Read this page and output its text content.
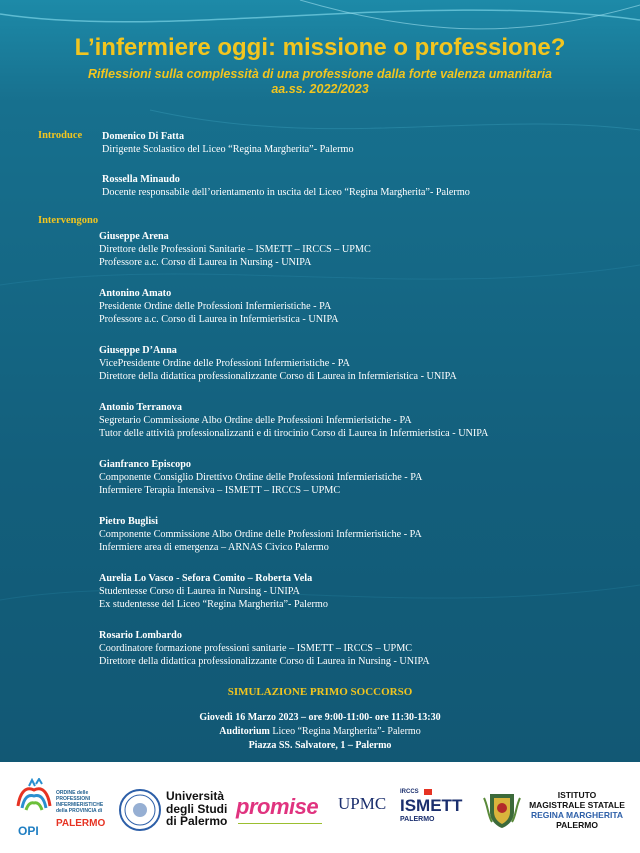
L’infermiere oggi: missione o professione?
Riflessioni sulla complessità di una professione dalla forte valenza umanitaria
aa.ss. 2022/2023
Introduce Domenico Di Fatta
Dirigente Scolastico del Liceo “Regina Margherita”- Palermo
Rossella Minaudo
Docente responsabile dell’orientamento in uscita del Liceo “Regina Margherita”- Palermo
Intervengono
Giuseppe Arena
Direttore delle Professioni Sanitarie – ISMETT – IRCCS – UPMC
Professore a.c. Corso di Laurea in Nursing - UNIPA
Antonino Amato
Presidente Ordine delle Professioni Infermieristiche - PA
Professore a.c. Corso di Laurea in Infermieristica - UNIPA
Giuseppe D’Anna
VicePresidente Ordine delle Professioni Infermieristiche - PA
Direttore della didattica professionalizzante Corso di Laurea in Infermieristica - UNIPA
Antonio Terranova
Segretario Commissione Albo Ordine delle Professioni Infermieristiche - PA
Tutor delle attività professionalizzanti e di tirocinio Corso di Laurea in Infermieristica - UNIPA
Gianfranco Episcopo
Componente Consiglio Direttivo Ordine delle Professioni Infermieristiche - PA
Infermiere Terapia Intensiva – ISMETT – IRCCS – UPMC
Pietro Buglisi
Componente Commissione Albo Ordine delle Professioni Infermieristiche - PA
Infermiere area di emergenza – ARNAS Civico Palermo
Aurelia Lo Vasco - Sefora Comito – Roberta Vela
Studentesse Corso di Laurea in Nursing - UNIPA
Ex studentesse del Liceo “Regina Margherita”- Palermo
Rosario Lombardo
Coordinatore formazione professioni sanitarie – ISMETT – IRCCS – UPMC
Direttore della didattica professionalizzante Corso di Laurea in Nursing - UNIPA
SIMULAZIONE PRIMO SOCCORSO
Giovedì 16 Marzo 2023 – ore 9:00-11:00- ore 11:30-13:30
Auditorium Liceo “Regina Margherita”- Palermo
Piazza SS. Salvatore, 1 – Palermo
OPI
ORDINE delle
PROFESSIONI
INFERMIERISTICHE
della PROVINCIA di
PALERMO
Università
degli Studi
di Palermo
promise UPMC
IRCCS
ISMETT
PALERMO
ISTITUTO
MAGISTRALE STATALE
REGINA MARGHERITA
PALERMO
